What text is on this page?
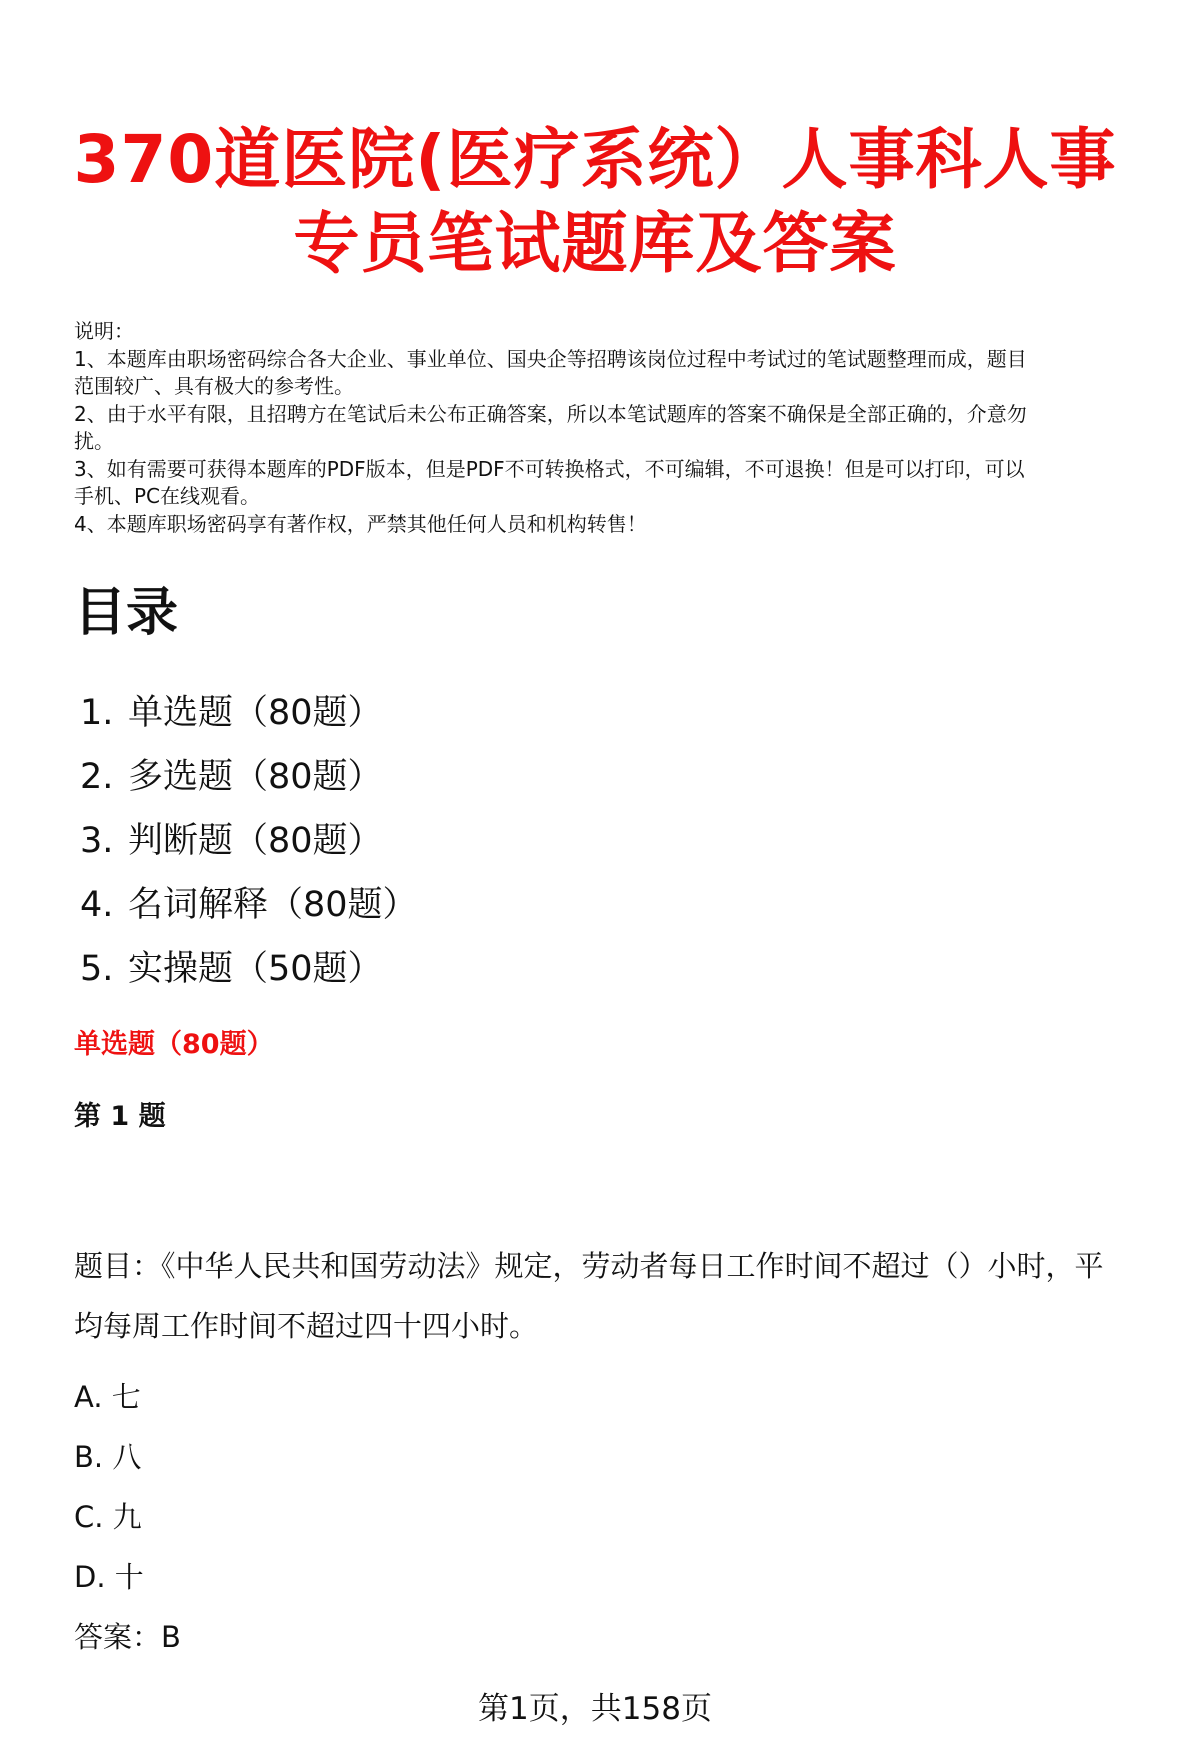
370道医院(医疗系统）人事科人事
专员笔试题库及答案
说明：
1、本题库由职场密码综合各大企业、事业单位、国央企等招聘该岗位过程中考试过的笔试题整理而成，题目
范围较广、具有极大的参考性。
2、由于水平有限，且招聘方在笔试后未公布正确答案，所以本笔试题库的答案不确保是全部正确的，介意勿
扰。
3、如有需要可获得本题库的PDF版本，但是PDF不可转换格式，不可编辑，不可退换！但是可以打印，可以
手机、PC在线观看。
4、本题库职场密码享有著作权，严禁其他任何人员和机构转售！
目录
1. 单选题（80题）
2. 多选题（80题）
3. 判断题（80题）
4. 名词解释（80题）
5. 实操题（50题）
单选题（80题）
第 1 题
题目：《中华人民共和国劳动法》规定，劳动者每日工作时间不超过（）小时，平
均每周工作时间不超过四十四小时。
A. 七
B. 八
C. 九
D. 十
答案：B
第1页，共158页
